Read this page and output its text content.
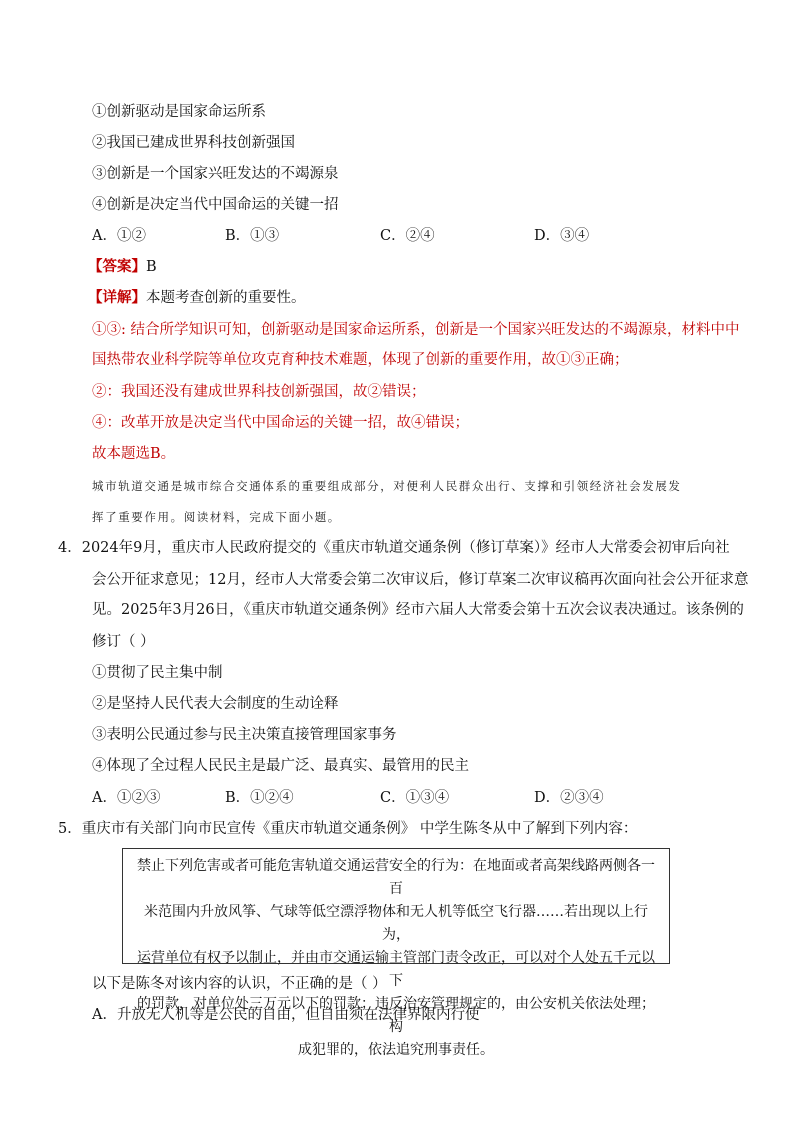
①创新驱动是国家命运所系
②我国已建成世界科技创新强国
③创新是一个国家兴旺发达的不竭源泉
④创新是决定当代中国命运的关键一招
A．①②	B．①③	C．②④	D．③④
【答案】B
【详解】本题考查创新的重要性。
①③: 结合所学知识可知，创新驱动是国家命运所系，创新是一个国家兴旺发达的不竭源泉，材料中中
国热带农业科学院等单位攻克育种技术难题，体现了创新的重要作用，故①③正确；
②：我国还没有建成世界科技创新强国，故②错误；
④：改革开放是决定当代中国命运的关键一招，故④错误；
故本题选B。
城市轨道交通是城市综合交通体系的重要组成部分，对便利人民群众出行、支撑和引领经济社会发展发
挥了重要作用。阅读材料，完成下面小题。
4．2024年9月，重庆市人民政府提交的《重庆市轨道交通条例（修订草案）》经市人大常委会初审后向社
会公开征求意见；12月，经市人大常委会第二次审议后，修订草案二次审议稿再次面向社会公开征求意
见。2025年3月26日，《重庆市轨道交通条例》经市六届人大常委会第十五次会议表决通过。该条例的
修订（ ）
①贯彻了民主集中制
②是坚持人民代表大会制度的生动诠释
③表明公民通过参与民主决策直接管理国家事务
④体现了全过程人民民主是最广泛、最真实、最管用的民主
A．①②③	B．①②④	C．①③④	D．②③④
5．重庆市有关部门向市民宣传《重庆市轨道交通条例》 中学生陈冬从中了解到下列内容：
禁止下列危害或者可能危害轨道交通运营安全的行为：在地面或者高架线路两侧各一百
米范围内升放风筝、气球等低空漂浮物体和无人机等低空飞行器……若出现以上行为，
运营单位有权予以制止，并由市交通运输主管部门责令改正，可以对个人处五千元以下
的罚款，对单位处三万元以下的罚款；违反治安管理规定的，由公安机关依法处理；构
成犯罪的，依法追究刑事责任。
以下是陈冬对该内容的认识，不正确的是（ ）
A．升放无人机等是公民的自由，但自由须在法律界限内行使
